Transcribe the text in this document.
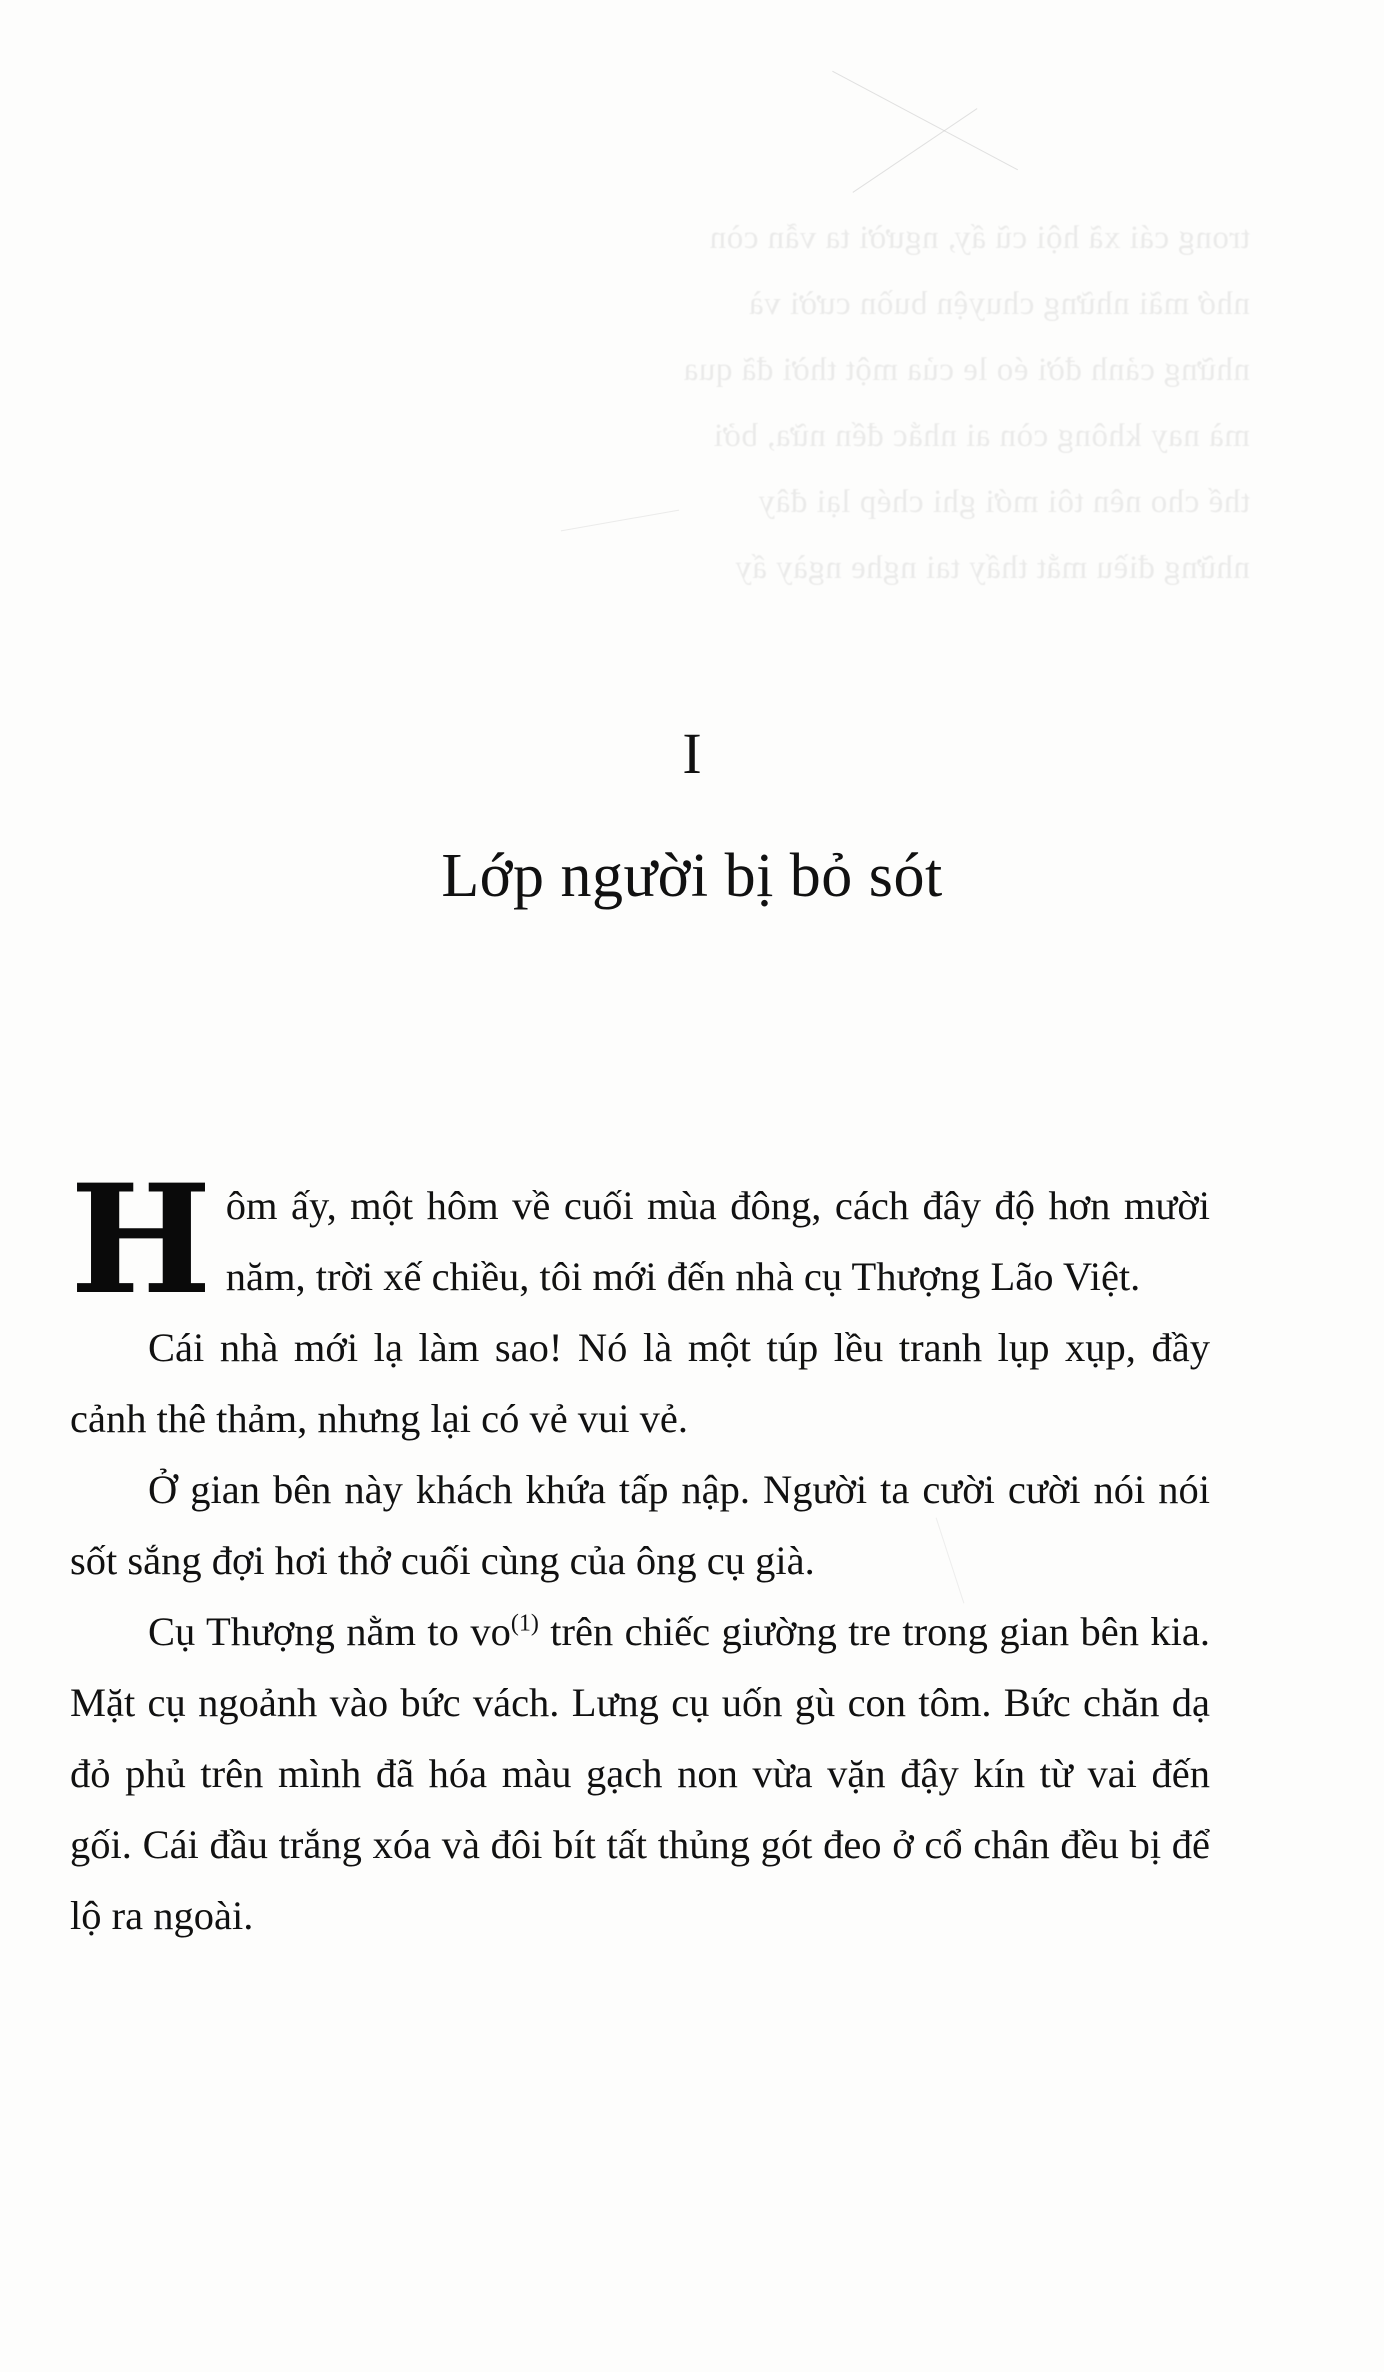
trong cái xã hội cũ ấy, người ta vẫn còn
nhớ mãi những chuyện buồn cười và
những cảnh đời éo le của một thời đã qua
mà nay không còn ai nhắc đến nữa, bởi
thế cho nên tôi mới ghi chép lại đây
những điều mắt thấy tai nghe ngày ấy
I
Lớp người bị bỏ sót

Hôm ấy, một hôm về cuối mùa đông, cách đây độ hơn mười năm, trời xế chiều, tôi mới đến nhà cụ Thượng Lão Việt.

Cái nhà mới lạ làm sao! Nó là một túp lều tranh lụp xụp, đầy cảnh thê thảm, nhưng lại có vẻ vui vẻ.

Ở gian bên này khách khứa tấp nập. Người ta cười cười nói nói sốt sắng đợi hơi thở cuối cùng của ông cụ già.

Cụ Thượng nằm to vo$^{(1)}$ trên chiếc giường tre trong gian bên kia. Mặt cụ ngoảnh vào bức vách. Lưng cụ uốn gù con tôm. Bức chăn dạ đỏ phủ trên mình đã hóa màu gạch non vừa vặn đậy kín từ vai đến gối. Cái đầu trắng xóa và đôi bít tất thủng gót đeo ở cổ chân đều bị để lộ ra ngoài.
